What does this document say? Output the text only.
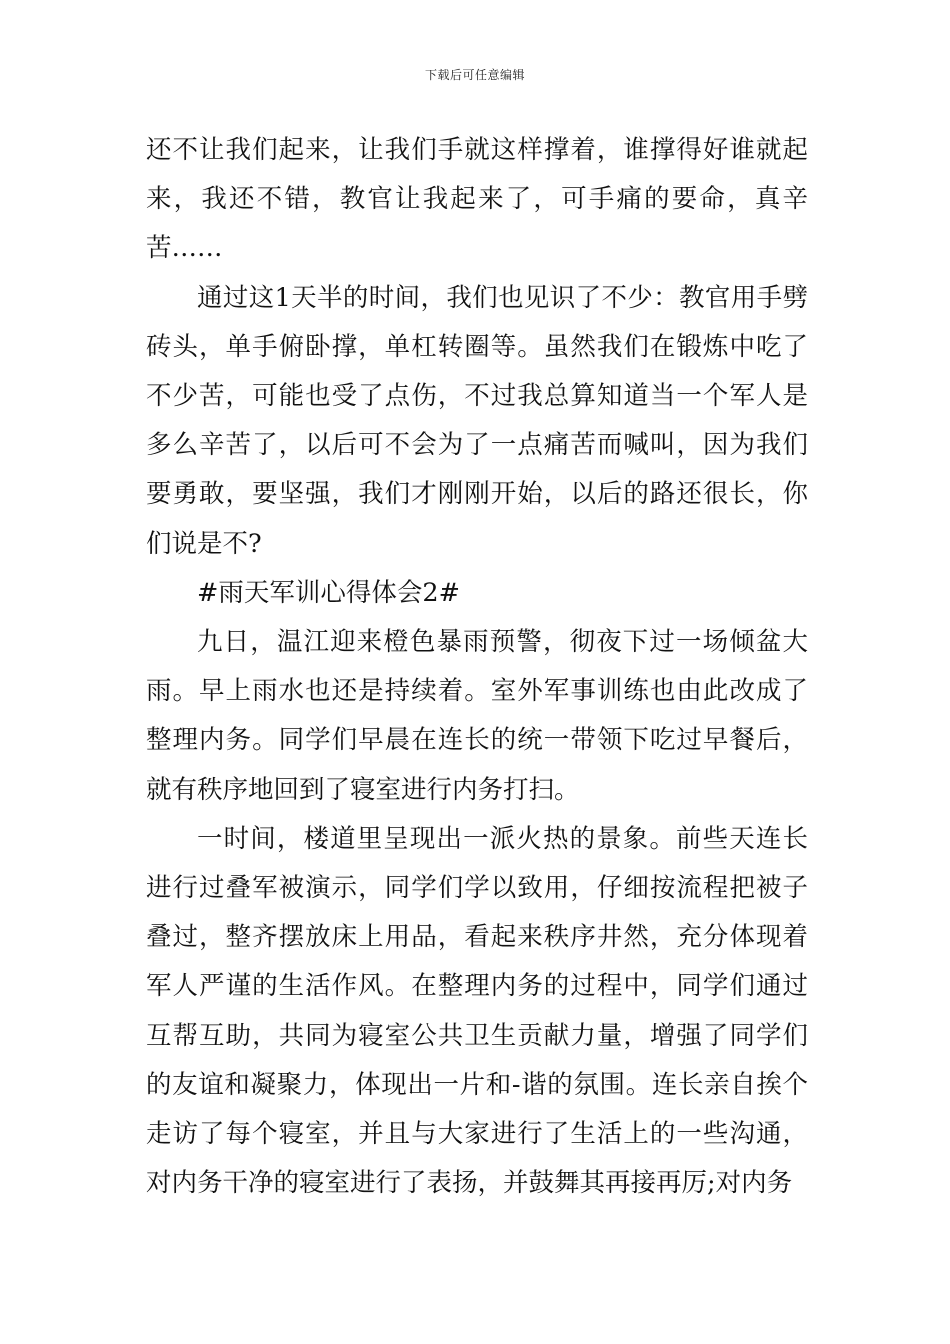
下载后可任意编辑

还不让我们起来，让我们手就这样撑着，谁撑得好谁就起来，我还不错，教官让我起来了，可手痛的要命，真辛苦……

通过这1天半的时间，我们也见识了不少：教官用手劈砖头，单手俯卧撑，单杠转圈等。虽然我们在锻炼中吃了不少苦，可能也受了点伤，不过我总算知道当一个军人是多么辛苦了，以后可不会为了一点痛苦而喊叫，因为我们要勇敢，要坚强，我们才刚刚开始，以后的路还很长，你们说是不?

#雨天军训心得体会2#

九日，温江迎来橙色暴雨预警，彻夜下过一场倾盆大雨。早上雨水也还是持续着。室外军事训练也由此改成了整理内务。同学们早晨在连长的统一带领下吃过早餐后，就有秩序地回到了寝室进行内务打扫。

一时间，楼道里呈现出一派火热的景象。前些天连长进行过叠军被演示，同学们学以致用，仔细按流程把被子叠过，整齐摆放床上用品，看起来秩序井然，充分体现着军人严谨的生活作风。在整理内务的过程中，同学们通过互帮互助，共同为寝室公共卫生贡献力量，增强了同学们的友谊和凝聚力，体现出一片和-谐的氛围。连长亲自挨个走访了每个寝室，并且与大家进行了生活上的一些沟通，对内务干净的寝室进行了表扬，并鼓舞其再接再厉;对内务
